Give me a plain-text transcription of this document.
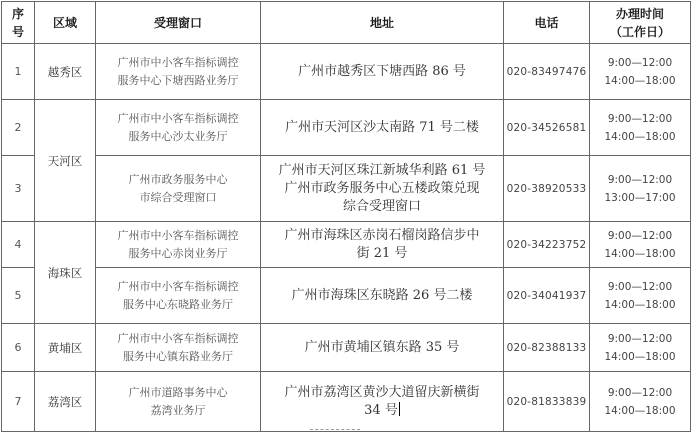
序
号	区域	受理窗口	地址	电话	办理时间
（工作日）

1	越秀区	广州市中小客车指标调控
服务中心下塘西路业务厅	广州市越秀区下塘西路 86 号	020-83497476	9:00—12:00
14:00—18:00

2	天河区	广州市中小客车指标调控
服务中心沙太业务厅	广州市天河区沙太南路 71 号二楼	020-34526581	9:00—12:00
14:00—18:00

3		广州市政务服务中心
市综合受理窗口	广州市天河区珠江新城华利路 61 号
广州市政务服务中心五楼政策兑现
综合受理窗口	020-38920533	9:00—12:00
13:00—17:00

4	海珠区	广州市中小客车指标调控
服务中心赤岗业务厅	广州市海珠区赤岗石榴岗路信步中
街 21 号	020-34223752	9:00—12:00
14:00—18:00

5		广州市中小客车指标调控
服务中心东晓路业务厅	广州市海珠区东晓路 26 号二楼	020-34041937	9:00—12:00
14:00—18:00

6	黄埔区	广州市中小客车指标调控
服务中心镇东路业务厅	广州市黄埔区镇东路 35 号	020-82388133	9:00—12:00
14:00—18:00

7	荔湾区	广州市道路事务中心
荔湾业务厅	广州市荔湾区黄沙大道留庆新横街
34 号	020-81833839	9:00—12:00
14:00—18:00
